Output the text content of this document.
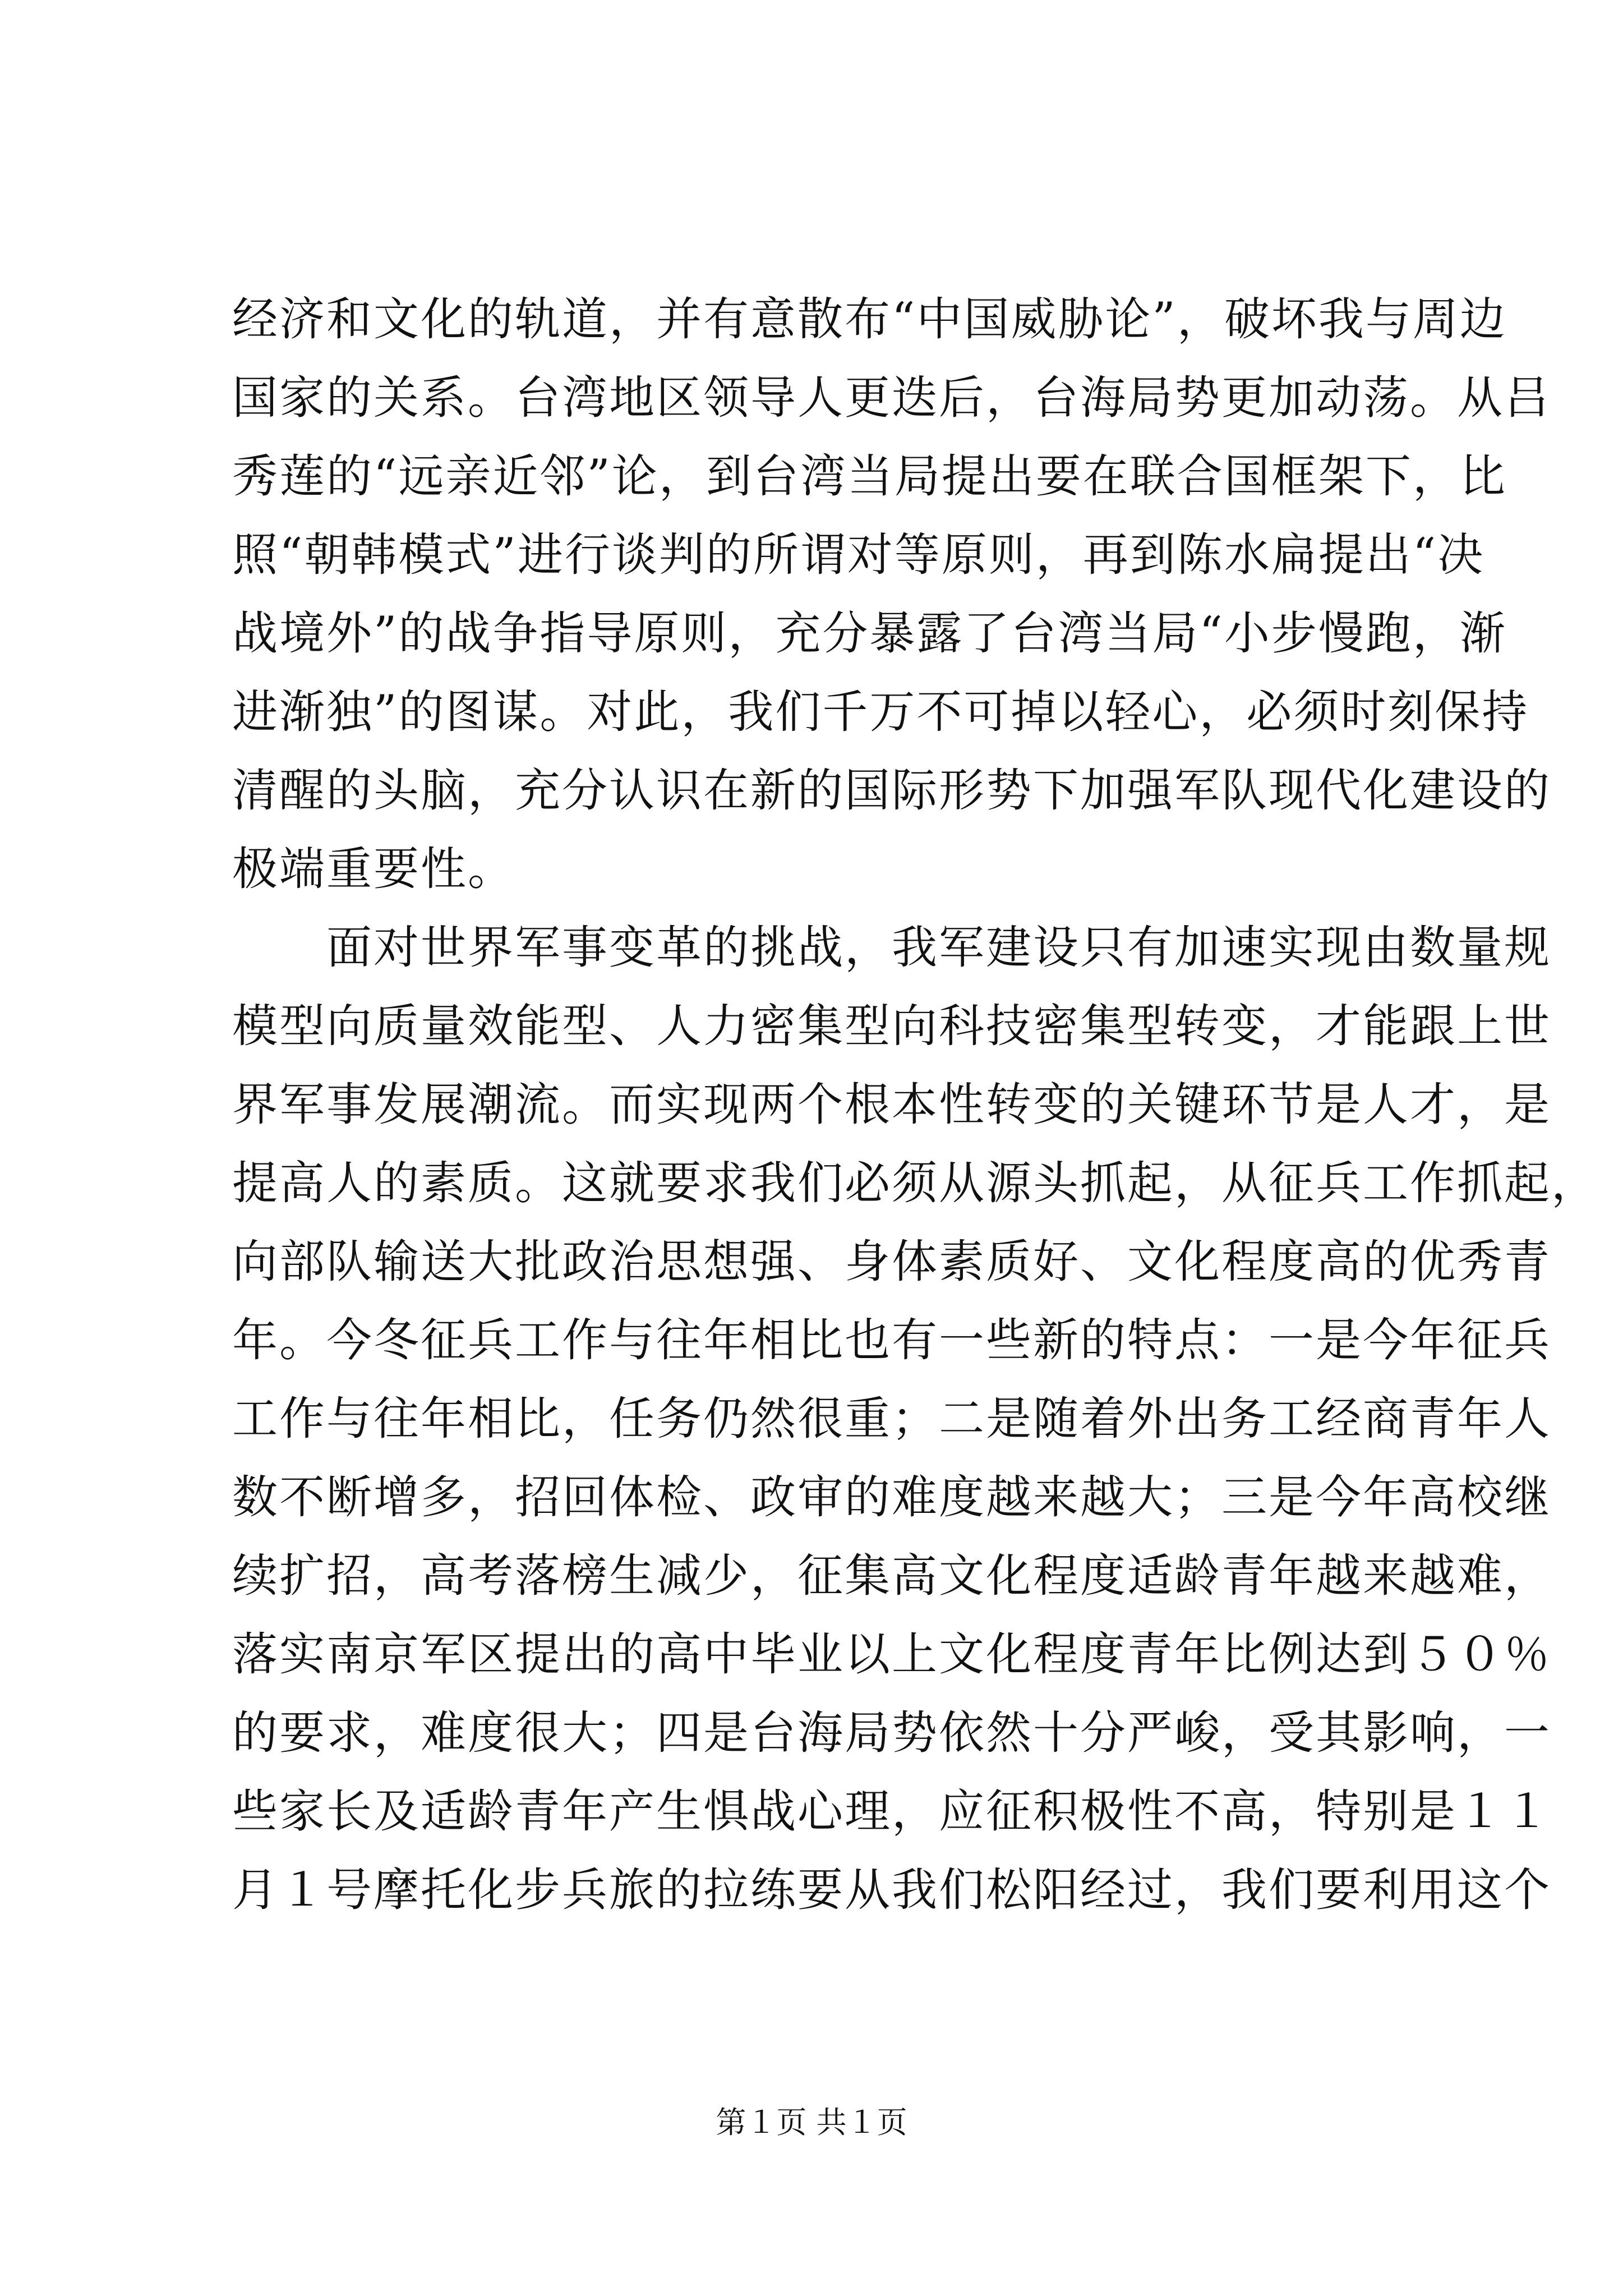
经济和文化的轨道，并有意散布“中国威胁论”，破坏我与周边
国家的关系。台湾地区领导人更迭后，台海局势更加动荡。从吕
秀莲的“远亲近邻”论，到台湾当局提出要在联合国框架下，比
照“朝韩模式”进行谈判的所谓对等原则，再到陈水扁提出“决
战境外”的战争指导原则，充分暴露了台湾当局“小步慢跑，渐
进渐独”的图谋。对此，我们千万不可掉以轻心，必须时刻保持
清醒的头脑，充分认识在新的国际形势下加强军队现代化建设的
极端重要性。
面对世界军事变革的挑战，我军建设只有加速实现由数量规
模型向质量效能型、人力密集型向科技密集型转变，才能跟上世
界军事发展潮流。而实现两个根本性转变的关键环节是人才，是
提高人的素质。这就要求我们必须从源头抓起，从征兵工作抓起，
向部队输送大批政治思想强、身体素质好、文化程度高的优秀青
年。今冬征兵工作与往年相比也有一些新的特点：一是今年征兵
工作与往年相比，任务仍然很重；二是随着外出务工经商青年人
数不断增多，招回体检、政审的难度越来越大；三是今年高校继
续扩招，高考落榜生减少，征集高文化程度适龄青年越来越难，
落实南京军区提出的高中毕业以上文化程度青年比例达到５０％
的要求，难度很大；四是台海局势依然十分严峻，受其影响，一
些家长及适龄青年产生惧战心理，应征积极性不高，特别是１１
月１号摩托化步兵旅的拉练要从我们松阳经过，我们要利用这个
第１页 共１页
